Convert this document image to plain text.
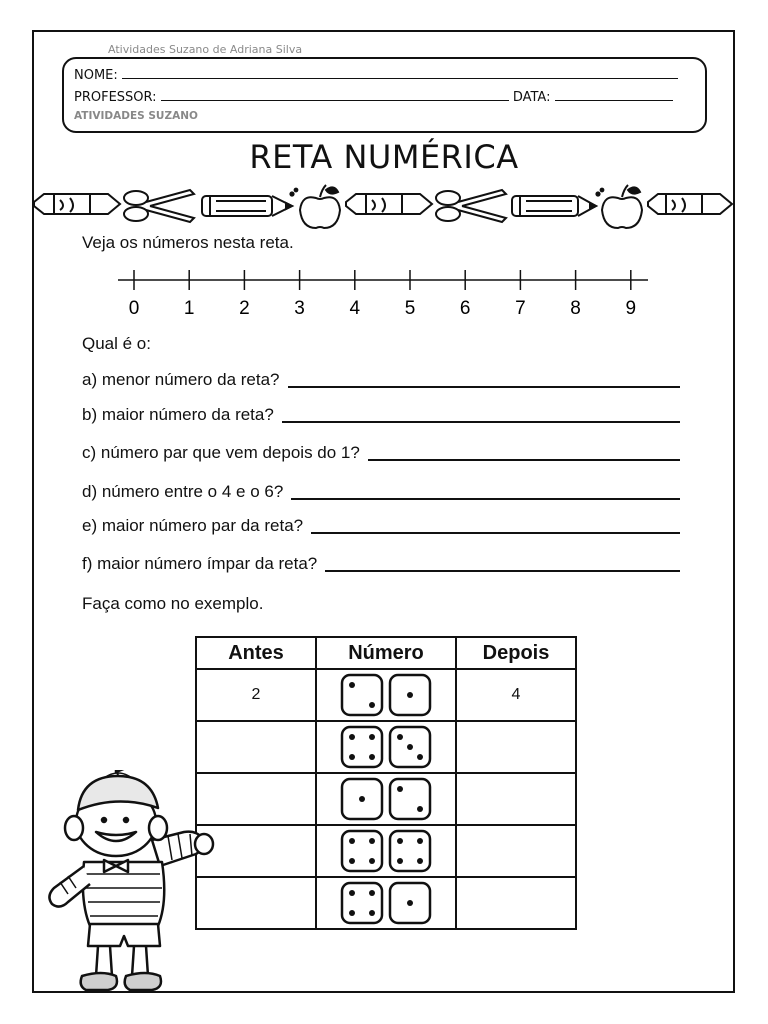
Atividades Suzano de Adriana Silva
NOME:
PROFESSOR:	DATA:
ATIVIDADES SUZANO
RETA NUMÉRICA
Veja os números nesta reta.
0 1 2 3 4 5 6 7 8 9
Qual é o:
a) menor número da reta?
b) maior número da reta?
c) número par que vem depois do 1?
d) número entre o 4 e o 6?
e) maior número par da reta?
f) maior número ímpar da reta?
Faça como no exemplo.
Antes	Número	Depois
2		4
